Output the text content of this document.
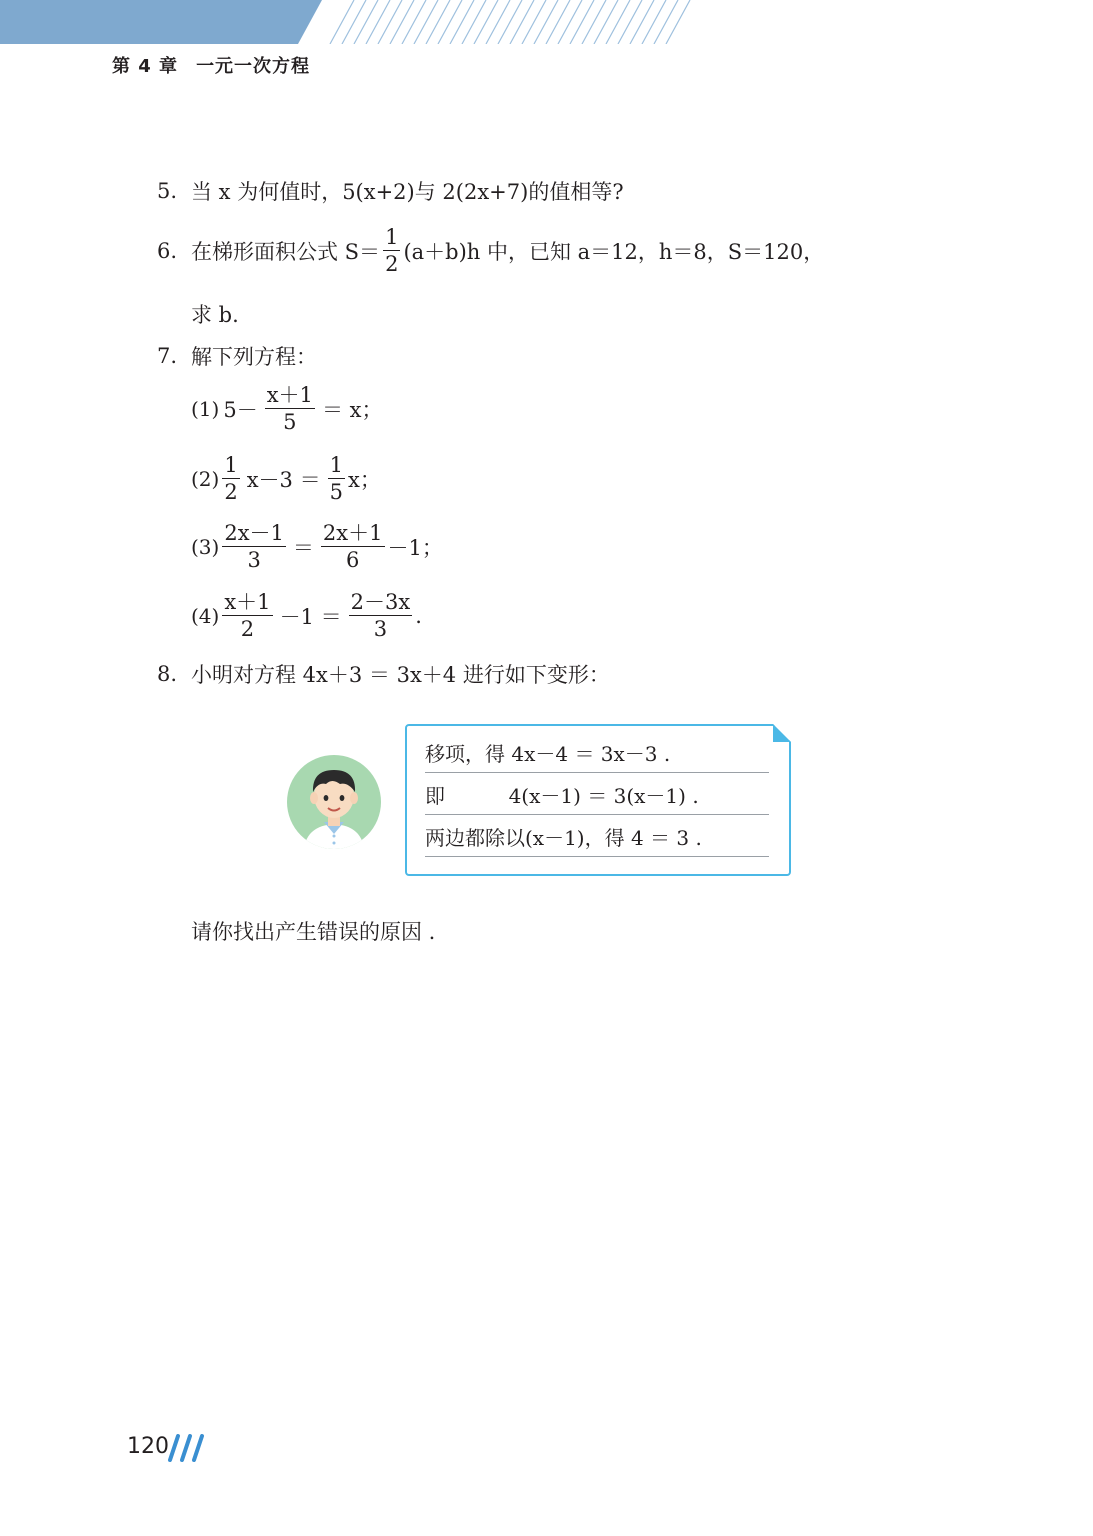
第 4 章 一元一次方程
5. 当 x 为何值时，5(x+2)与 2(2x+7)的值相等?
6. 在梯形面积公式 $S= \frac{1}{2} (a+b)h$ 中，已知 a＝12，h＝8，S＝120，
求 b.
7. 解下列方程：
(1) $5- \frac{x+1}{5} = x$；
$(2) \frac{1}{2} x-3 = \frac{1}{5}$ x；
$(3) \frac{2x-1}{3} = \frac{2x+1}{6} -1$；
$(4) \frac{x+1}{2} -1 = \frac{2-3x}{3}$ .
8. 小明对方程 4x＋3 ＝ 3x＋4 进行如下变形：
移项，得 4x－4 ＝ 3x－3 .
即          4(x－1) ＝ 3(x－1) .
两边都除以(x－1)，得 4 ＝ 3 .
请你找出产生错误的原因 .
120
